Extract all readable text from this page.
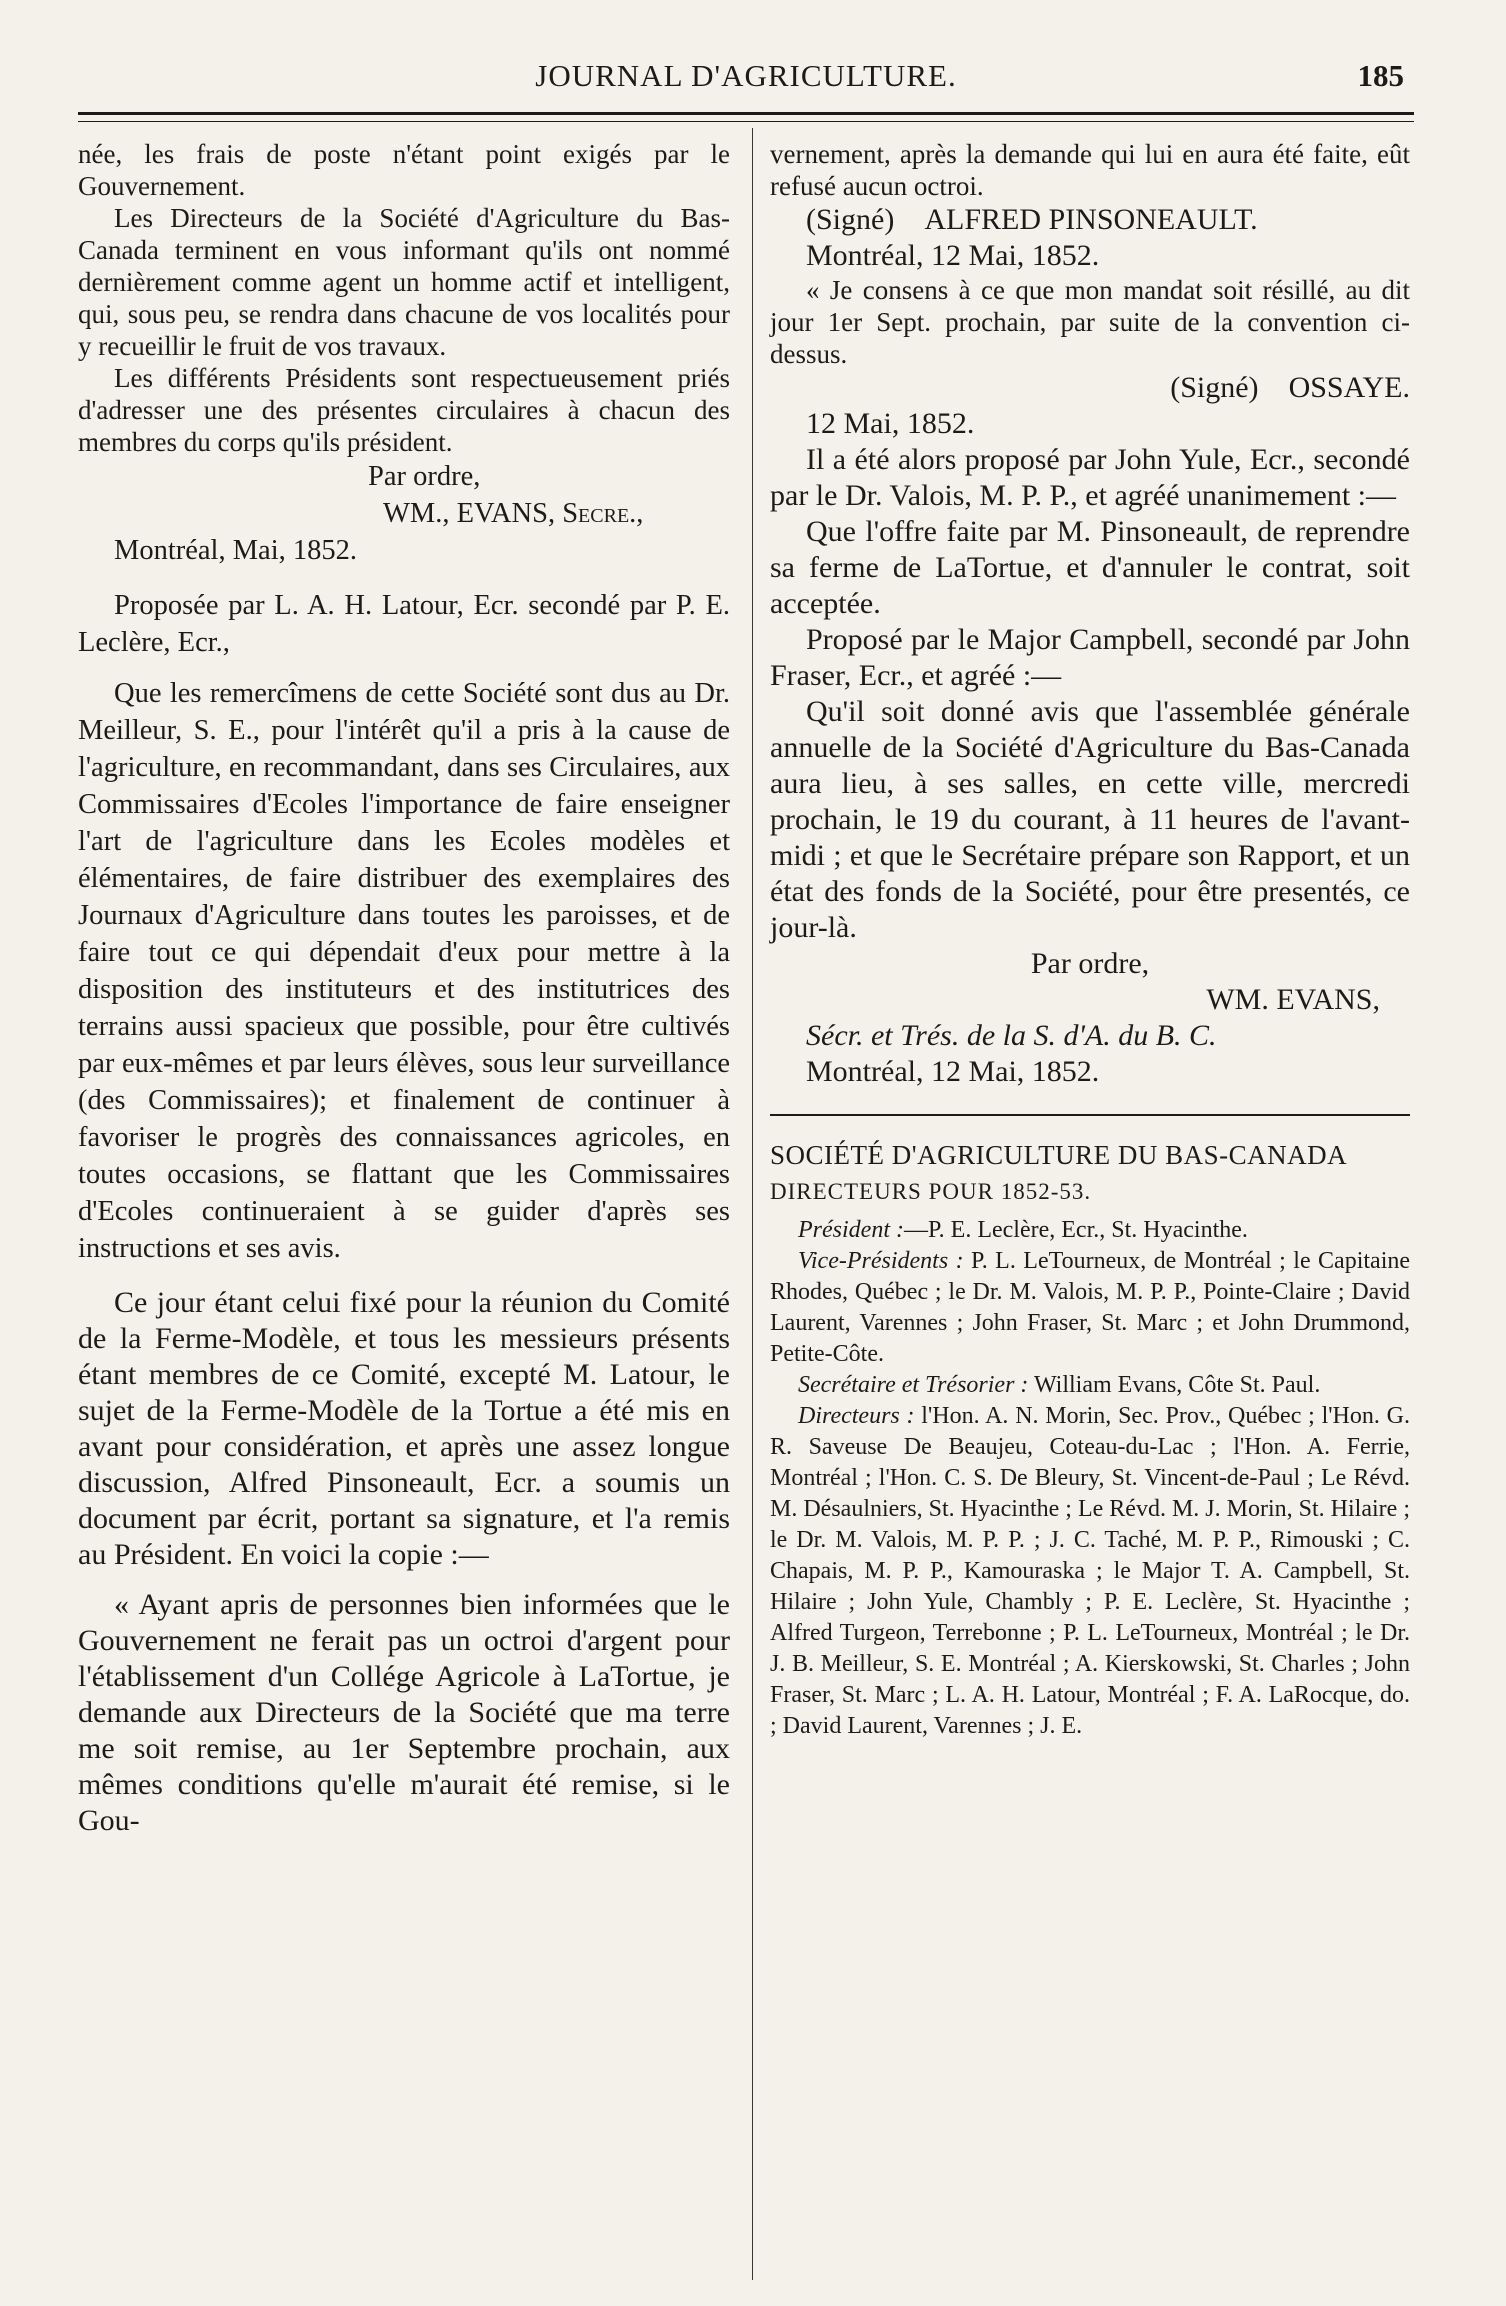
JOURNAL D'AGRICULTURE.	185

née, les frais de poste n'étant point exigés par le Gouvernement.

Les Directeurs de la Société d'Agriculture du Bas-Canada terminent en vous informant qu'ils ont nommé dernièrement comme agent un homme actif et intelligent, qui, sous peu, se rendra dans chacune de vos localités pour y recueillir le fruit de vos travaux.

Les différents Présidents sont respectueusement priés d'adresser une des présentes circulaires à chacun des membres du corps qu'ils président.

Par ordre,

WM., EVANS, Secre.,

Montréal, Mai, 1852.

Proposée par L. A. H. Latour, Ecr. secondé par P. E. Leclère, Ecr.,

Que les remercîmens de cette Société sont dus au Dr. Meilleur, S. E., pour l'intérêt qu'il a pris à la cause de l'agriculture, en recommandant, dans ses Circulaires, aux Commissaires d'Ecoles l'importance de faire enseigner l'art de l'agriculture dans les Ecoles modèles et élémentaires, de faire distribuer des exemplaires des Journaux d'Agriculture dans toutes les paroisses, et de faire tout ce qui dépendait d'eux pour mettre à la disposition des instituteurs et des institutrices des terrains aussi spacieux que possible, pour être cultivés par eux-mêmes et par leurs élèves, sous leur surveillance (des Commissaires); et finalement de continuer à favoriser le progrès des connaissances agricoles, en toutes occasions, se flattant que les Commissaires d'Ecoles continueraient à se guider d'après ses instructions et ses avis.

Ce jour étant celui fixé pour la réunion du Comité de la Ferme-Modèle, et tous les messieurs présents étant membres de ce Comité, excepté M. Latour, le sujet de la Ferme-Modèle de la Tortue a été mis en avant pour considération, et après une assez longue discussion, Alfred Pinsoneault, Ecr. a soumis un document par écrit, portant sa signature, et l'a remis au Président. En voici la copie :—

« Ayant apris de personnes bien informées que le Gouvernement ne ferait pas un octroi d'argent pour l'établissement d'un Collége Agricole à LaTortue, je demande aux Directeurs de la Société que ma terre me soit remise, au 1er Septembre prochain, aux mêmes conditions qu'elle m'aurait été remise, si le Gou-

vernement, après la demande qui lui en aura été faite, eût refusé aucun octroi.

(Signé) ALFRED PINSONEAULT.

Montréal, 12 Mai, 1852.

« Je consens à ce que mon mandat soit résillé, au dit jour 1er Sept. prochain, par suite de la convention ci-dessus.

(Signé) OSSAYE.

12 Mai, 1852.

Il a été alors proposé par John Yule, Ecr., secondé par le Dr. Valois, M. P. P., et agréé unanimement :—

Que l'offre faite par M. Pinsoneault, de reprendre sa ferme de LaTortue, et d'annuler le contrat, soit acceptée.

Proposé par le Major Campbell, secondé par John Fraser, Ecr., et agréé :—

Qu'il soit donné avis que l'assemblée générale annuelle de la Société d'Agriculture du Bas-Canada aura lieu, à ses salles, en cette ville, mercredi prochain, le 19 du courant, à 11 heures de l'avant-midi ; et que le Secrétaire prépare son Rapport, et un état des fonds de la Société, pour être presentés, ce jour-là.

Par ordre,

WM. EVANS,

Sécr. et Trés. de la S. d'A. du B. C.

Montréal, 12 Mai, 1852.

SOCIÉTÉ D'AGRICULTURE DU BAS-CANADA

DIRECTEURS POUR 1852-53.

Président :—P. E. Leclère, Ecr., St. Hyacinthe.

Vice-Présidents : P. L. LeTourneux, de Montréal ; le Capitaine Rhodes, Québec ; le Dr. M. Valois, M. P. P., Pointe-Claire ; David Laurent, Varennes ; John Fraser, St. Marc ; et John Drummond, Petite-Côte.

Secrétaire et Trésorier : William Evans, Côte St. Paul.

Directeurs : l'Hon. A. N. Morin, Sec. Prov., Québec ; l'Hon. G. R. Saveuse De Beaujeu, Coteau-du-Lac ; l'Hon. A. Ferrie, Montréal ; l'Hon. C. S. De Bleury, St. Vincent-de-Paul ; Le Révd. M. Désaulniers, St. Hyacinthe ; Le Révd. M. J. Morin, St. Hilaire ; le Dr. M. Valois, M. P. P. ; J. C. Taché, M. P. P., Rimouski ; C. Chapais, M. P. P., Kamouraska ; le Major T. A. Campbell, St. Hilaire ; John Yule, Chambly ; P. E. Leclère, St. Hyacinthe ; Alfred Turgeon, Terrebonne ; P. L. LeTourneux, Montréal ; le Dr. J. B. Meilleur, S. E. Montréal ; A. Kierskowski, St. Charles ; John Fraser, St. Marc ; L. A. H. Latour, Montréal ; F. A. LaRocque, do. ; David Laurent, Varennes ; J. E.
